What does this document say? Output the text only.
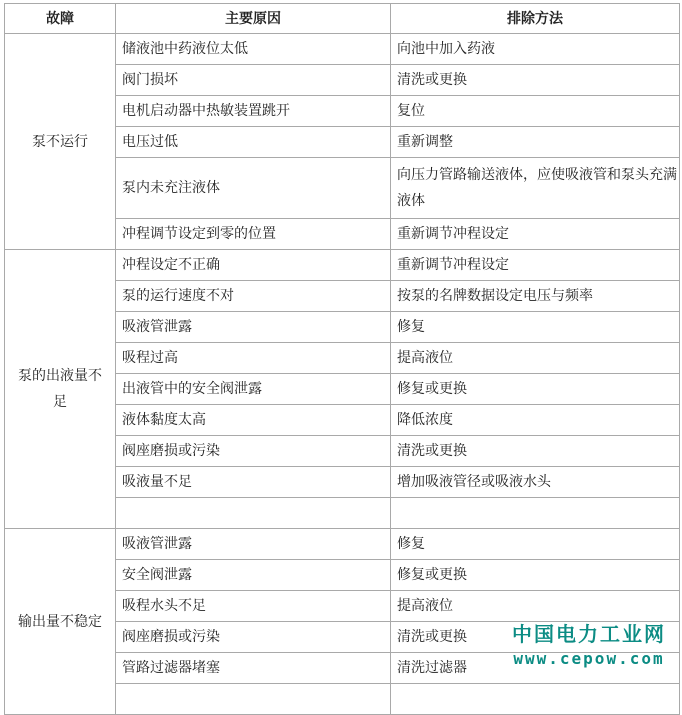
故障	主要原因	排除方法
泵不运行	储液池中药液位太低	向池中加入药液
	阀门损坏	清洗或更换
	电机启动器中热敏装置跳开	复位
	电压过低	重新调整
	泵内未充注液体	向压力管路输送液体，应使吸液管和泵头充满液体
	冲程调节设定到零的位置	重新调节冲程设定
泵的出液量不足	冲程设定不正确	重新调节冲程设定
	泵的运行速度不对	按泵的名牌数据设定电压与频率
	吸液管泄露	修复
	吸程过高	提高液位
	出液管中的安全阀泄露	修复或更换
	液体黏度太高	降低浓度
	阀座磨损或污染	清洗或更换
	吸液量不足	增加吸液管径或吸液水头

输出量不稳定	吸液管泄露	修复
	安全阀泄露	修复或更换
	吸程水头不足	提高液位
	阀座磨损或污染	清洗或更换
	管路过滤器堵塞	清洗过滤器

中国电力工业网
www.cepow.com
